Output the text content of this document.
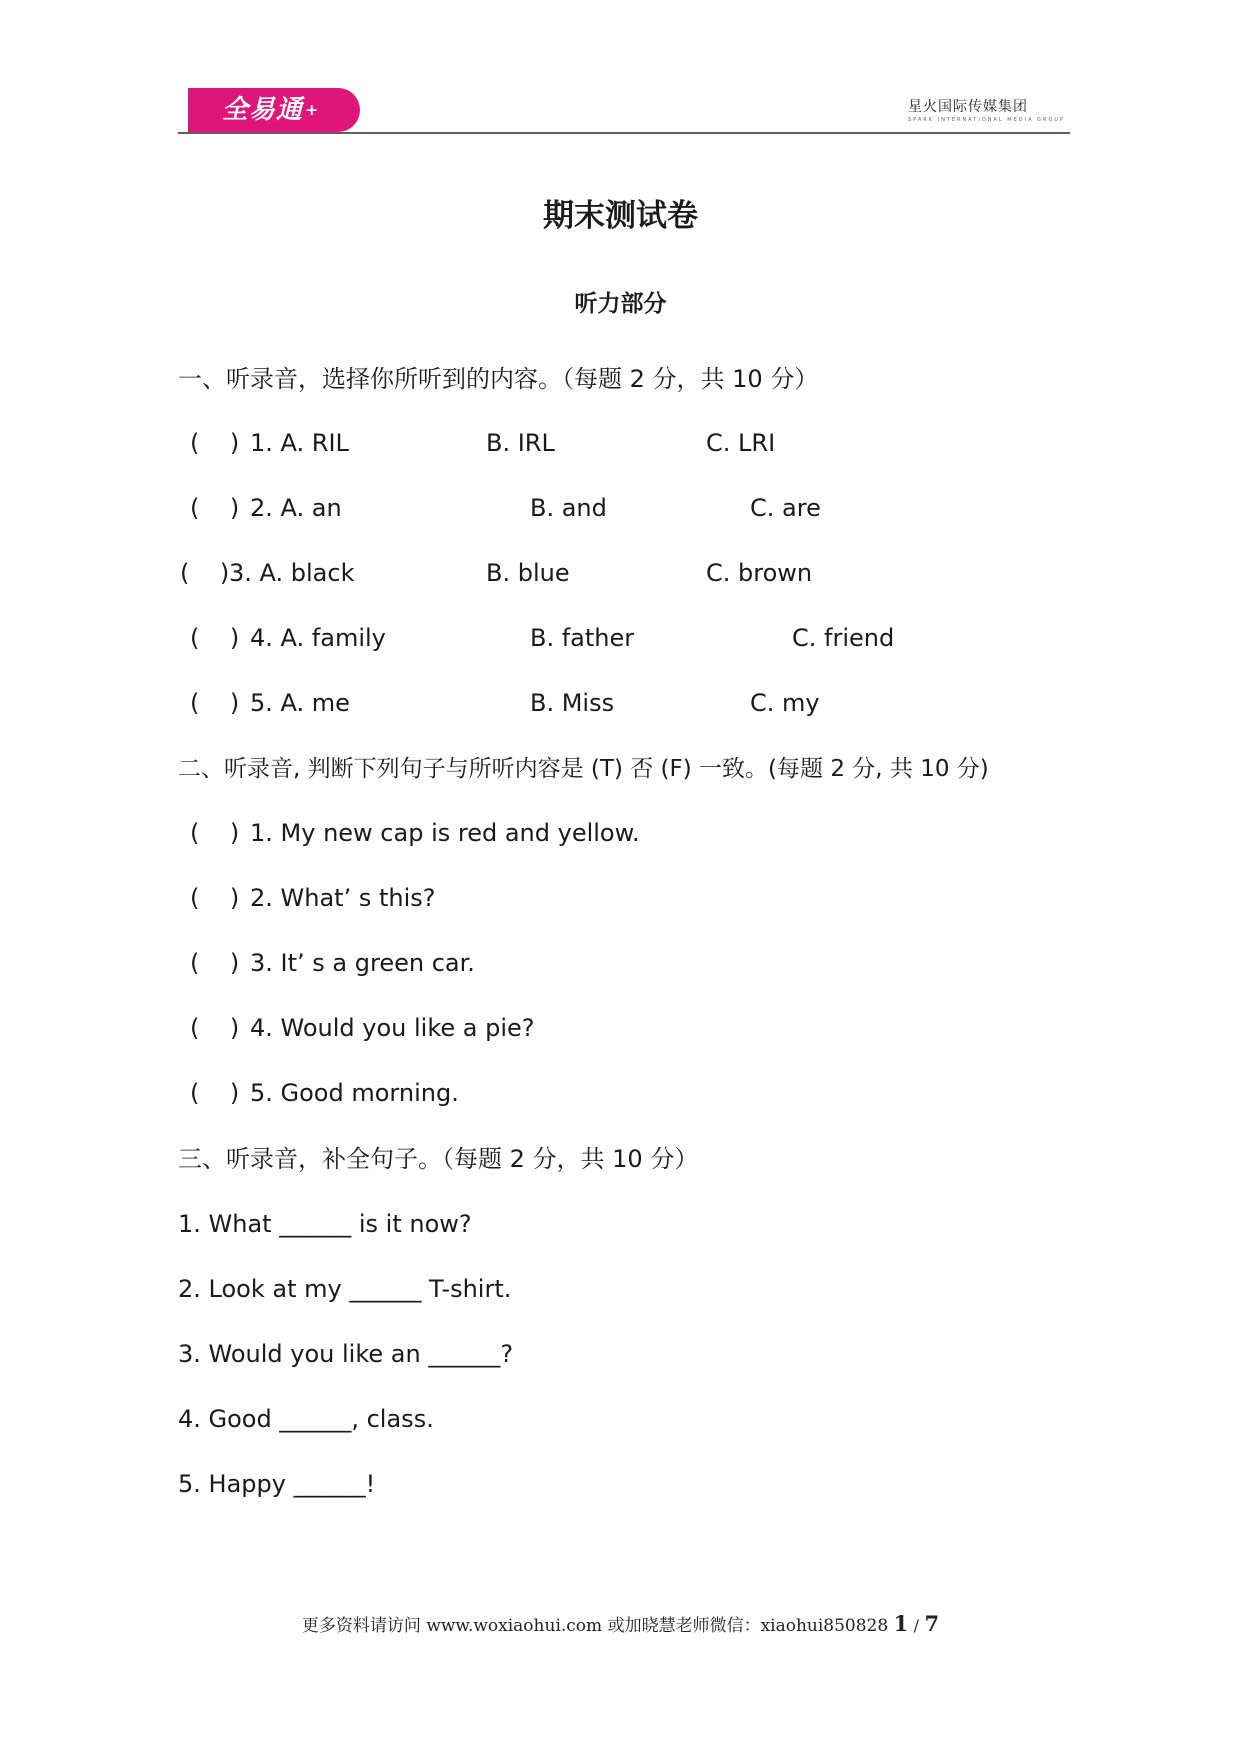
全易通 +	星火国际传媒集团
SPARK INTERNATIONAL MEDIA GROUP
期末测试卷
听力部分
一、听录音，选择你所听到的内容。（每题 2 分，共 10 分）
(    ) 1. A. RIL	B. IRL	C. LRI
(    ) 2. A. an	B. and	C. are
(    ) 3. A. black	B. blue	C. brown
(    ) 4. A. family	B. father	C. friend
(    ) 5. A. me	B. Miss	C. my
二、听录音, 判断下列句子与所听内容是 (T) 否 (F) 一致。(每题 2 分, 共 10 分)
(    ) 1. My new cap is red and yellow.
(    ) 2. What’ s this?
(    ) 3. It’ s a green car.
(    ) 4. Would you like a pie?
(    ) 5. Good morning.
三、听录音，补全句子。（每题 2 分，共 10 分）
1. What ______ is it now?
2. Look at my ______ T-shirt.
3. Would you like an ______?
4. Good ______, class.
5. Happy ______!
更多资料请访问 www.woxiaohui.com 或加晓慧老师微信：xiaohui850828 1 / 7
